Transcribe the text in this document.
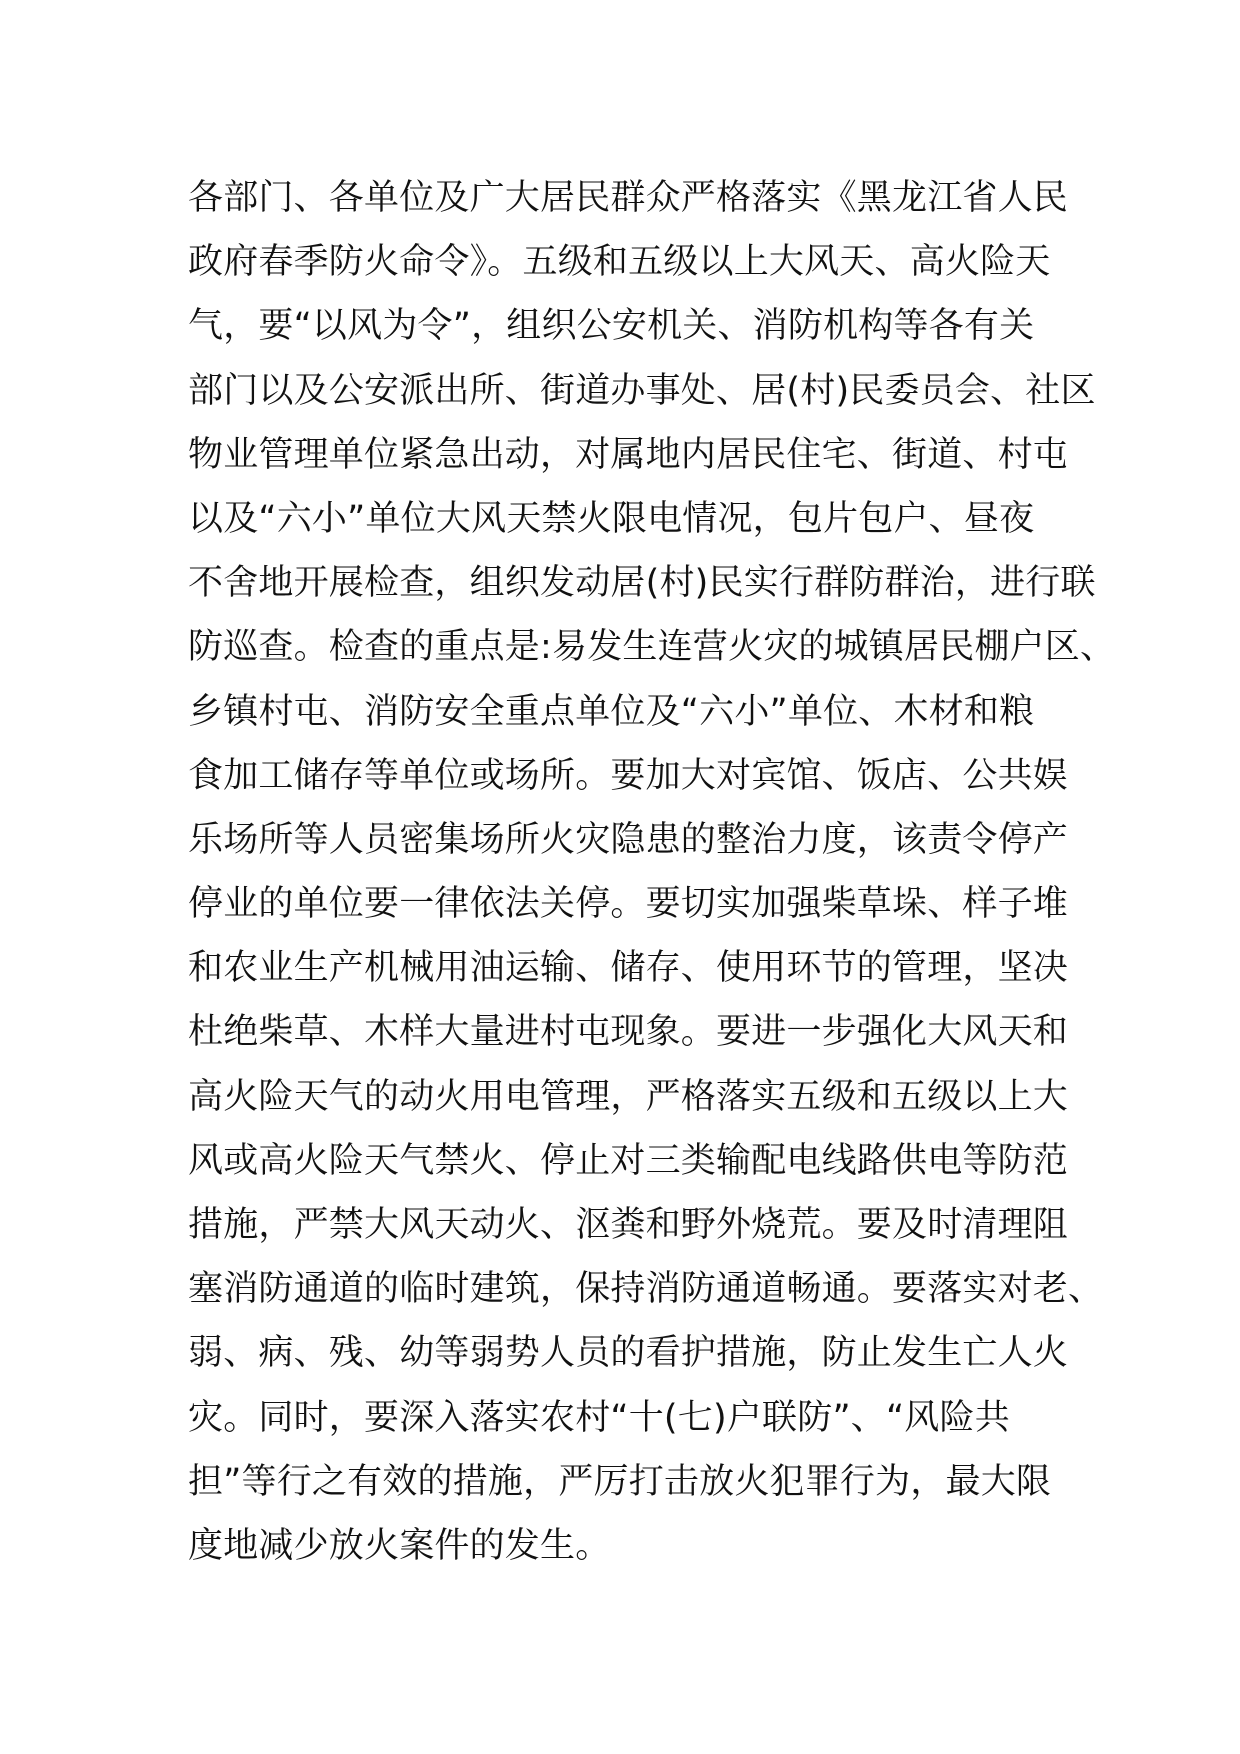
各部门、各单位及广大居民群众严格落实《黑龙江省人民
政府春季防火命令》。五级和五级以上大风天、高火险天
气，要“以风为令”，组织公安机关、消防机构等各有关
部门以及公安派出所、街道办事处、居(村)民委员会、社区
物业管理单位紧急出动，对属地内居民住宅、街道、村屯
以及“六小”单位大风天禁火限电情况，包片包户、昼夜
不舍地开展检查，组织发动居(村)民实行群防群治，进行联
防巡查。检查的重点是:易发生连营火灾的城镇居民棚户区、
乡镇村屯、消防安全重点单位及“六小”单位、木材和粮
食加工储存等单位或场所。要加大对宾馆、饭店、公共娱
乐场所等人员密集场所火灾隐患的整治力度，该责令停产
停业的单位要一律依法关停。要切实加强柴草垛、样子堆
和农业生产机械用油运输、储存、使用环节的管理，坚决
杜绝柴草、木样大量进村屯现象。要进一步强化大风天和
高火险天气的动火用电管理，严格落实五级和五级以上大
风或高火险天气禁火、停止对三类输配电线路供电等防范
措施，严禁大风天动火、沤粪和野外烧荒。要及时清理阻
塞消防通道的临时建筑，保持消防通道畅通。要落实对老、
弱、病、残、幼等弱势人员的看护措施，防止发生亡人火
灾。同时，要深入落实农村“十(七)户联防”、“风险共
担”等行之有效的措施，严厉打击放火犯罪行为，最大限
度地减少放火案件的发生。
